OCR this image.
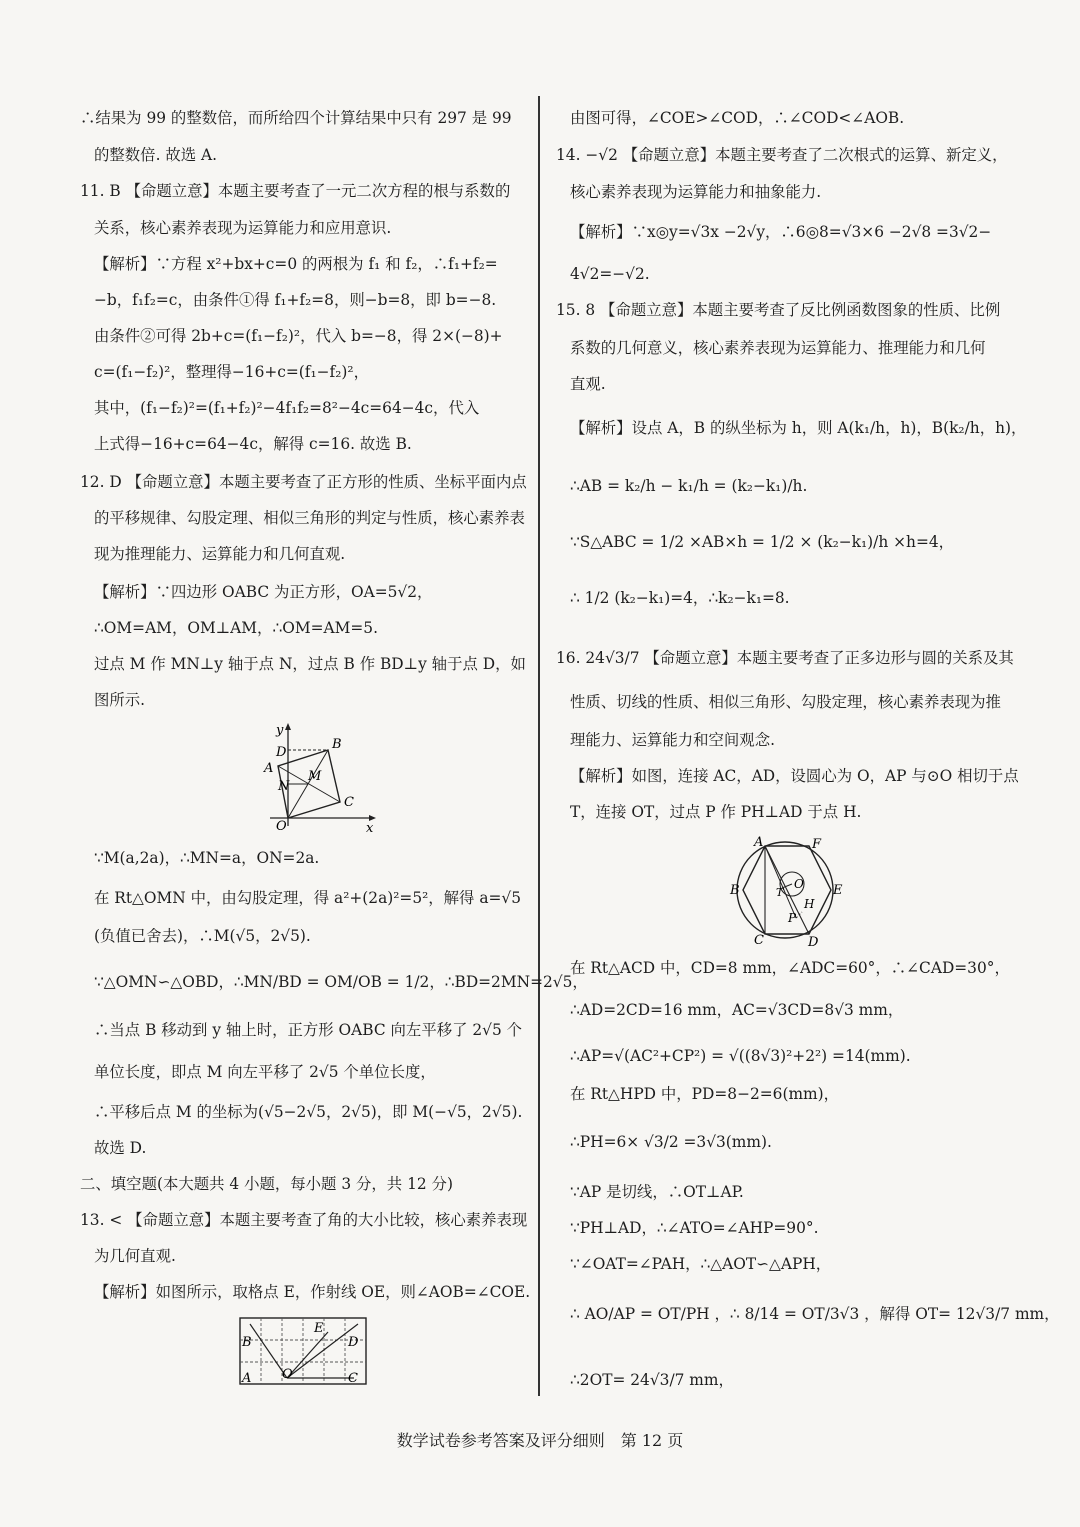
∴结果为 99 的整数倍，而所给四个计算结果中只有 297 是 99
的整数倍. 故选 A.
11. B 【命题立意】本题主要考查了一元二次方程的根与系数的
关系，核心素养表现为运算能力和应用意识.
【解析】∵方程 x²+bx+c=0 的两根为 f₁ 和 f₂，∴f₁+f₂=
−b，f₁f₂=c，由条件①得 f₁+f₂=8，则−b=8，即 b=−8.
由条件②可得 2b+c=(f₁−f₂)²，代入 b=−8，得 2×(−8)+
c=(f₁−f₂)²，整理得−16+c=(f₁−f₂)²，
其中，(f₁−f₂)²=(f₁+f₂)²−4f₁f₂=8²−4c=64−4c，代入
上式得−16+c=64−4c，解得 c=16. 故选 B.
12. D 【命题立意】本题主要考查了正方形的性质、坐标平面内点
的平移规律、勾股定理、相似三角形的判定与性质，核心素养表
现为推理能力、运算能力和几何直观.
【解析】∵四边形 OABC 为正方形，OA=5√2，
∴OM=AM，OM⊥AM，∴OM=AM=5.
过点 M 作 MN⊥y 轴于点 N，过点 B 作 BD⊥y 轴于点 D，如
图所示.
∵M(a,2a)，∴MN=a，ON=2a.
在 Rt△OMN 中，由勾股定理，得 a²+(2a)²=5²，解得 a=√5
(负值已舍去)，∴M(√5，2√5).
∵△OMN∽△OBD，∴MN/BD = OM/OB = 1/2，∴BD=2MN=2√5，
∴当点 B 移动到 y 轴上时，正方形 OABC 向左平移了 2√5 个
单位长度，即点 M 向左平移了 2√5 个单位长度，
∴平移后点 M 的坐标为(√5−2√5，2√5)，即 M(−√5，2√5).
故选 D.
二、填空题(本大题共 4 小题，每小题 3 分，共 12 分)
13. < 【命题立意】本题主要考查了角的大小比较，核心素养表现
为几何直观.
【解析】如图所示，取格点 E，作射线 OE，则∠AOB=∠COE.
y
D
B
A
M
N
C
O	x
B
E
D
A O	C
由图可得，∠COE>∠COD，∴∠COD<∠AOB.
14. −√2 【命题立意】本题主要考查了二次根式的运算、新定义，
核心素养表现为运算能力和抽象能力.
【解析】∵x◎y=√3x −2√y，∴6◎8=√3×6 −2√8 =3√2−
4√2=−√2.
15. 8 【命题立意】本题主要考查了反比例函数图象的性质、比例
系数的几何意义，核心素养表现为运算能力、推理能力和几何
直观.
【解析】设点 A，B 的纵坐标为 h，则 A(k₁/h，h)，B(k₂/h，h)，
∴AB = k₂/h − k₁/h = (k₂−k₁)/h.
∵S△ABC = 1/2 ×AB×h = 1/2 × (k₂−k₁)/h ×h=4，
∴ 1/2 (k₂−k₁)=4，∴k₂−k₁=8.
16. 24√3/7 【命题立意】本题主要考查了正多边形与圆的关系及其
性质、切线的性质、相似三角形、勾股定理，核心素养表现为推
理能力、运算能力和空间观念.
【解析】如图，连接 AC，AD，设圆心为 O，AP 与⊙O 相切于点
T，连接 OT，过点 P 作 PH⊥AD 于点 H.
在 Rt△ACD 中，CD=8 mm，∠ADC=60°，∴∠CAD=30°，
∴AD=2CD=16 mm，AC=√3CD=8√3 mm，
∴AP=√(AC²+CP²) = √((8√3)²+2²) =14(mm).
在 Rt△HPD 中，PD=8−2=6(mm)，
∴PH=6× √3/2 =3√3(mm).
∵AP 是切线，∴OT⊥AP.
∵PH⊥AD，∴∠ATO=∠AHP=90°.
∵∠OAT=∠PAH，∴△AOT∽△APH，
∴ AO/AP = OT/PH ，∴ 8/14 = OT/3√3 ，解得 OT= 12√3/7 mm，
∴2OT= 24√3/7 mm，
A	F
B	O E
T
H
P
C	D
数学试卷参考答案及评分细则　第 12 页
